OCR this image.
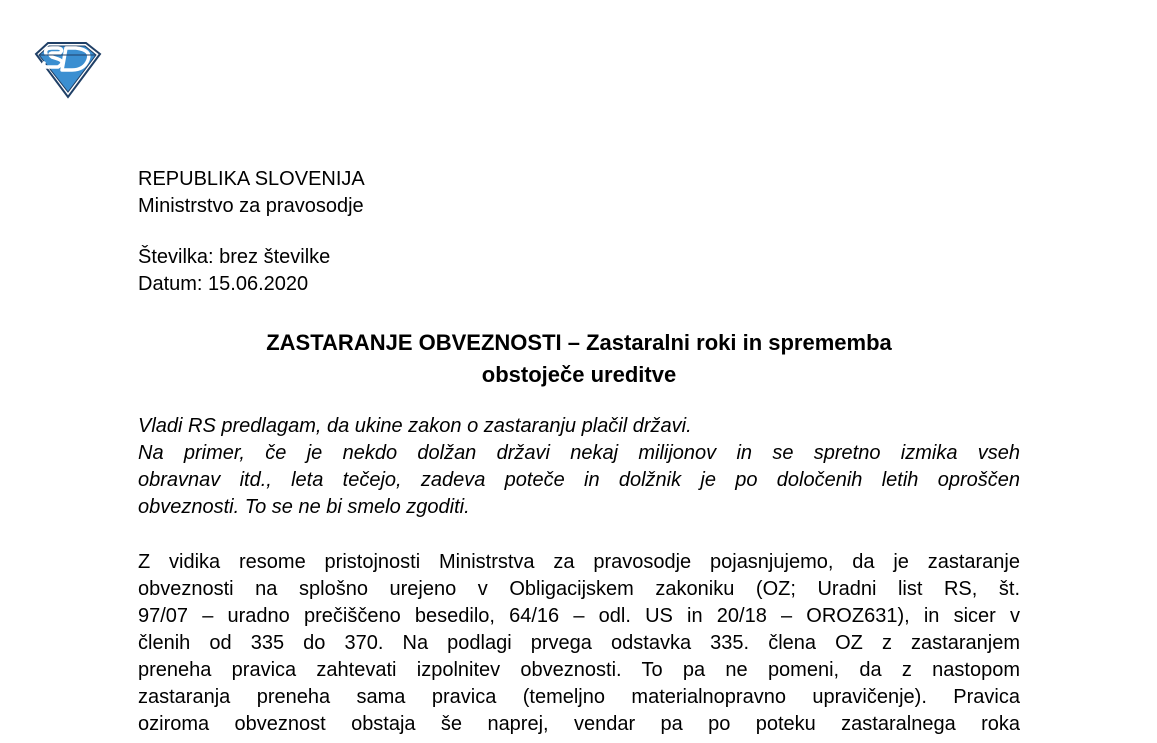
REPUBLIKA SLOVENIJA
Ministrstvo za pravosodje
Številka: brez številke
Datum: 15.06.2020
ZASTARANJE OBVEZNOSTI – Zastaralni roki in sprememba
obstoječe ureditve
Vladi RS predlagam, da ukine zakon o zastaranju plačil državi.
Na primer, če je nekdo dolžan državi nekaj milijonov in se spretno izmika vseh
obravnav itd., leta tečejo, zadeva poteče in dolžnik je po določenih letih oproščen
obveznosti. To se ne bi smelo zgoditi.
Z vidika resome pristojnosti Ministrstva za pravosodje pojasnjujemo, da je zastaranje
obveznosti na splošno urejeno v Obligacijskem zakoniku (OZ; Uradni list RS, št.
97/07 – uradno prečiščeno besedilo, 64/16 – odl. US in 20/18 – OROZ631), in sicer v
členih od 335 do 370. Na podlagi prvega odstavka 335. člena OZ z zastaranjem
preneha pravica zahtevati izpolnitev obveznosti. To pa ne pomeni, da z nastopom
zastaranja preneha sama pravica (temeljno materialnopravno upravičenje). Pravica
oziroma obveznost obstaja še naprej, vendar pa po poteku zastaralnega roka
